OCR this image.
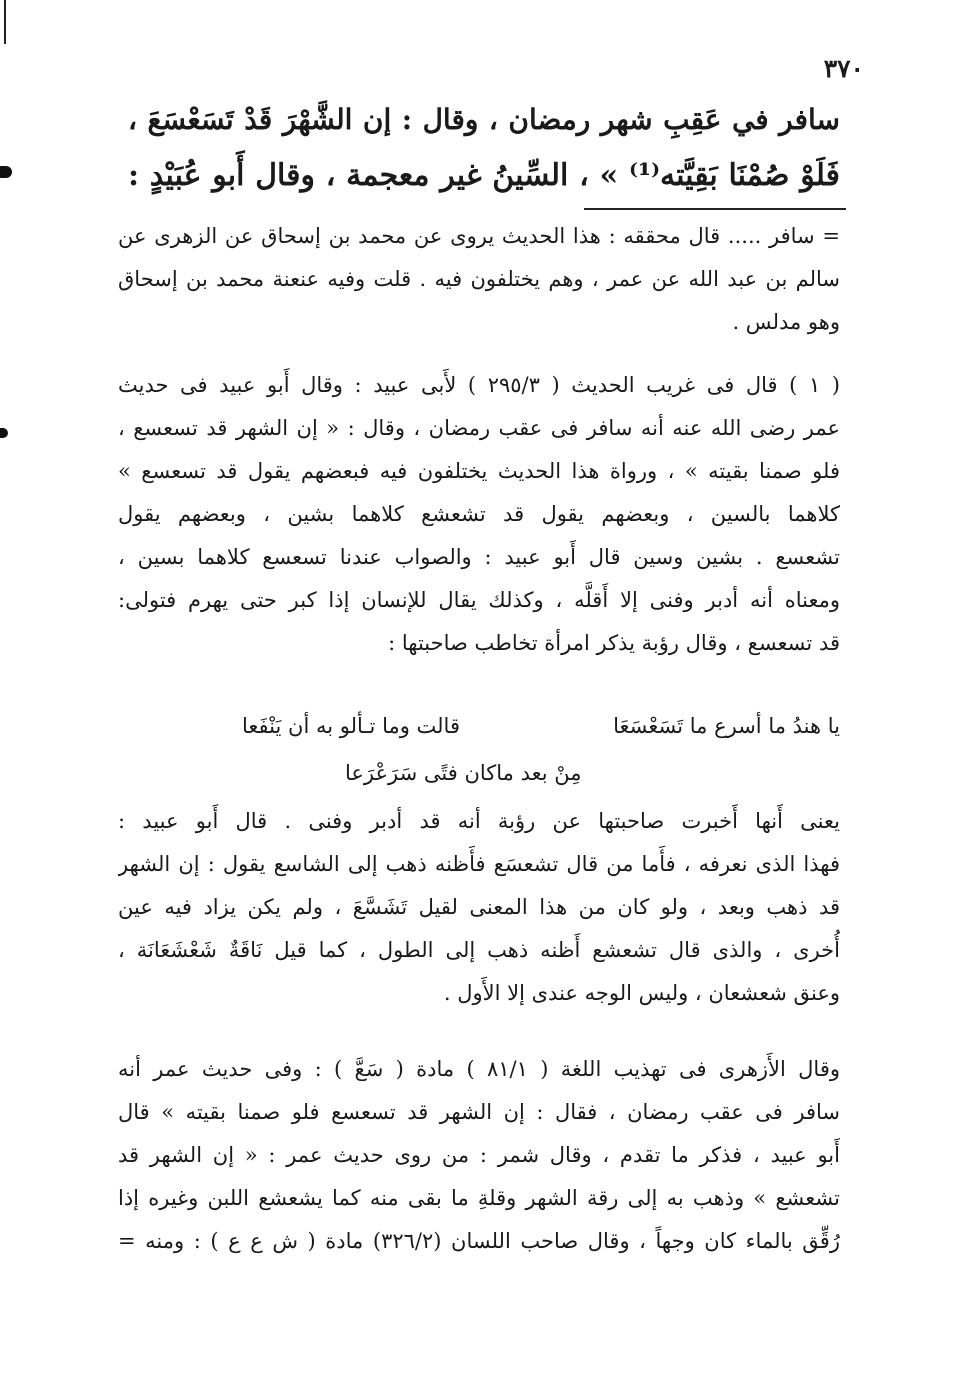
٣٧٠
سافر في عَقِبِ شهر رمضان ، وقال : إن الشَّهْرَ قَدْ تَسَعْسَعَ ،
فَلَوْ صُمْنَا بَقِيَّته⁽¹⁾ » ، السِّينُ غير معجمة ، وقال أَبو عُبَيْدٍ :
= سافر ..... قال محققه : هذا الحديث يروى عن محمد بن إسحاق عن الزهرى عن
سالم بن عبد الله عن عمر ، وهم يختلفون فيه . قلت وفيه عنعنة محمد بن إسحاق
وهو مدلس .
( ١ ) قال فى غريب الحديث ( ٢٩٥/٣ ) لأَبى عبيد : وقال أَبو عبيد فى حديث
عمر رضى الله عنه أنه سافر فى عقب رمضان ، وقال : « إن الشهر قد تسعسع ،
فلو صمنا بقيته » ، ورواة هذا الحديث يختلفون فيه فبعضهم يقول قد تسعسع »
كلاهما بالسين ، وبعضهم يقول قد تشعشع كلاهما بشين ، وبعضهم يقول
تشعسع . بشين وسين قال أَبو عبيد : والصواب عندنا تسعسع كلاهما بسين ،
ومعناه أنه أدبر وفنى إلا أَقلَّه ، وكذلك يقال للإنسان إذا كبر حتى يهرم فتولى:
قد تسعسع ، وقال رؤبة يذكر امرأة تخاطب صاحبتها :
يا هندُ ما أسرع ما تَسَعْسَعَا
قالت وما تـألو به أن يَنْفَعا
مِنْ بعد ماكان فتًى سَرَعْرَعا
يعنى أَنها أَخبرت صاحبتها عن رؤبة أنه قد أدبر وفنى . قال أَبو عبيد :
فهذا الذى نعرفه ، فأَما من قال تشعسَع فأَظنه ذهب إلى الشاسع يقول : إن الشهر
قد ذهب وبعد ، ولو كان من هذا المعنى لقيل تَشَسَّعَ ، ولم يكن يزاد فيه عين
أُخرى ، والذى قال تشعشع أَظنه ذهب إلى الطول ، كما قيل نَاقَةٌ شَعْشَعَانَة ،
وعنق شعشعان ، وليس الوجه عندى إلا الأَول .
وقال الأَزهرى فى تهذيب اللغة ( ٨١/١ ) مادة ( سَعَّ ) : وفى حديث عمر أنه
سافر فى عقب رمضان ، فقال : إن الشهر قد تسعسع فلو صمنا بقيته » قال
أَبو عبيد ، فذكر ما تقدم ، وقال شمر : من روى حديث عمر : « إن الشهر قد
تشعشع » وذهب به إلى رقة الشهر وقلةِ ما بقى منه كما يشعشع اللبن وغيره إذا
رُقِّق بالماء كان وجهاً ، وقال صاحب اللسان (٣٢٦/٢) مادة ( ش ع ع ) : ومنه =
